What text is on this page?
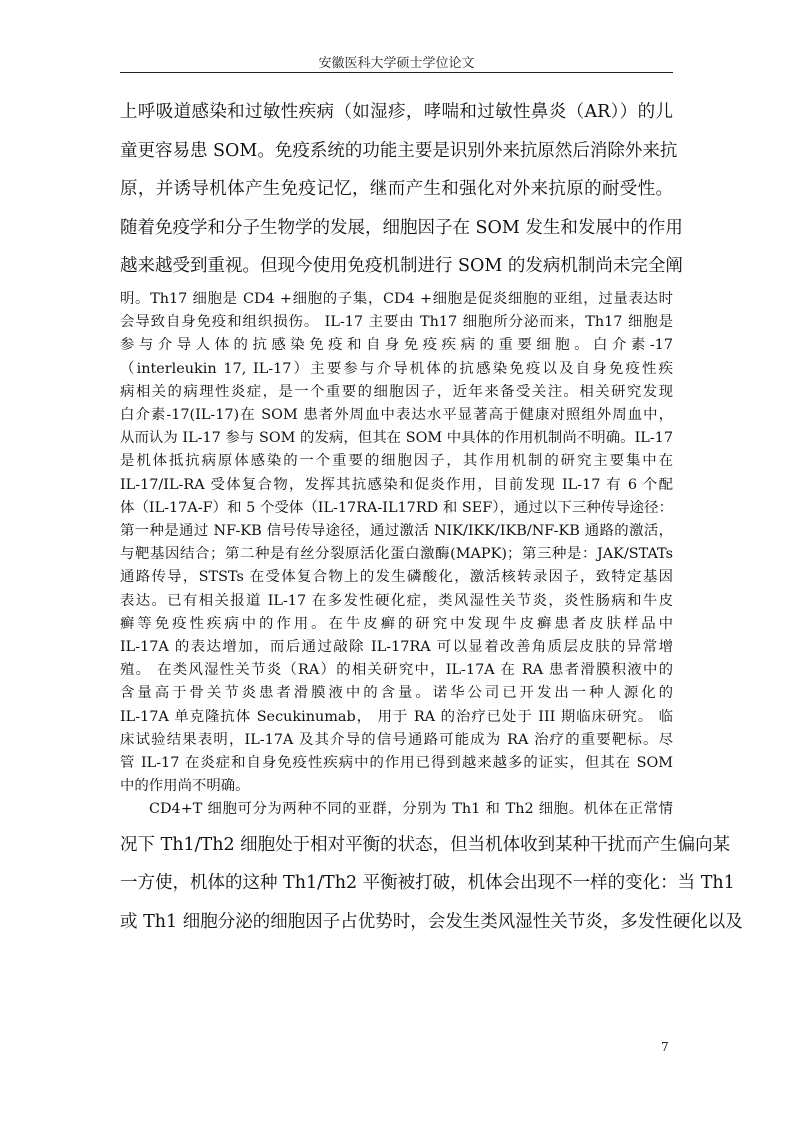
安徽医科大学硕士学位论文

上呼吸道感染和过敏性疾病（如湿疹，哮喘和过敏性鼻炎（AR））的儿

童更容易患 SOM。免疫系统的功能主要是识别外来抗原然后消除外来抗

原，并诱导机体产生免疫记忆，继而产生和强化对外来抗原的耐受性。

随着免疫学和分子生物学的发展，细胞因子在 SOM 发生和发展中的作用

越来越受到重视。但现今使用免疫机制进行 SOM 的发病机制尚未完全阐

明。Th17 细胞是 CD4 +细胞的子集，CD4 +细胞是促炎细胞的亚组，过量表达时

会导致自身免疫和组织损伤。 IL-17 主要由 Th17 细胞所分泌而来，Th17 细胞是

参与介导人体的抗感染免疫和自身免疫疾病的重要细胞。白介素-17

（interleukin 17, IL-17）主要参与介导机体的抗感染免疫以及自身免疫性疾

病相关的病理性炎症，是一个重要的细胞因子，近年来备受关注。相关研究发现

白介素-17(IL-17)在 SOM 患者外周血中表达水平显著高于健康对照组外周血中，

从而认为 IL-17 参与 SOM 的发病，但其在 SOM 中具体的作用机制尚不明确。IL-17

是机体抵抗病原体感染的一个重要的细胞因子，其作用机制的研究主要集中在

IL-17/IL-RA 受体复合物，发挥其抗感染和促炎作用，目前发现 IL-17 有 6 个配

体（IL-17A-F）和 5 个受体（IL-17RA-IL17RD 和 SEF），通过以下三种传导途径：

第一种是通过 NF-KB 信号传导途径，通过激活 NIK/IKK/IKB/NF-KB 通路的激活，

与靶基因结合；第二种是有丝分裂原活化蛋白激酶(MAPK)；第三种是：JAK/STATs

通路传导，STSTs 在受体复合物上的发生磷酸化，激活核转录因子，致特定基因

表达。已有相关报道 IL-17 在多发性硬化症，类风湿性关节炎，炎性肠病和牛皮

癣等免疫性疾病中的作用。在牛皮癣的研究中发现牛皮癣患者皮肤样品中

IL-17A 的表达增加，而后通过敲除 IL-17RA 可以显着改善角质层皮肤的异常增

殖。 在类风湿性关节炎（RA）的相关研究中，IL-17A 在 RA 患者滑膜积液中的

含量高于骨关节炎患者滑膜液中的含量。诺华公司已开发出一种人源化的

IL-17A 单克隆抗体 Secukinumab， 用于 RA 的治疗已处于 III 期临床研究。 临

床试验结果表明，IL-17A 及其介导的信号通路可能成为 RA 治疗的重要靶标。尽

管 IL-17 在炎症和自身免疫性疾病中的作用已得到越来越多的证实，但其在 SOM

中的作用尚不明确。

CD4+T 细胞可分为两种不同的亚群，分别为 Th1 和 Th2 细胞。机体在正常情

况下 Th1/Th2 细胞处于相对平衡的状态，但当机体收到某种干扰而产生偏向某

一方使，机体的这种 Th1/Th2 平衡被打破，机体会出现不一样的变化：当 Th1

或 Th1 细胞分泌的细胞因子占优势时，会发生类风湿性关节炎，多发性硬化以及

7
